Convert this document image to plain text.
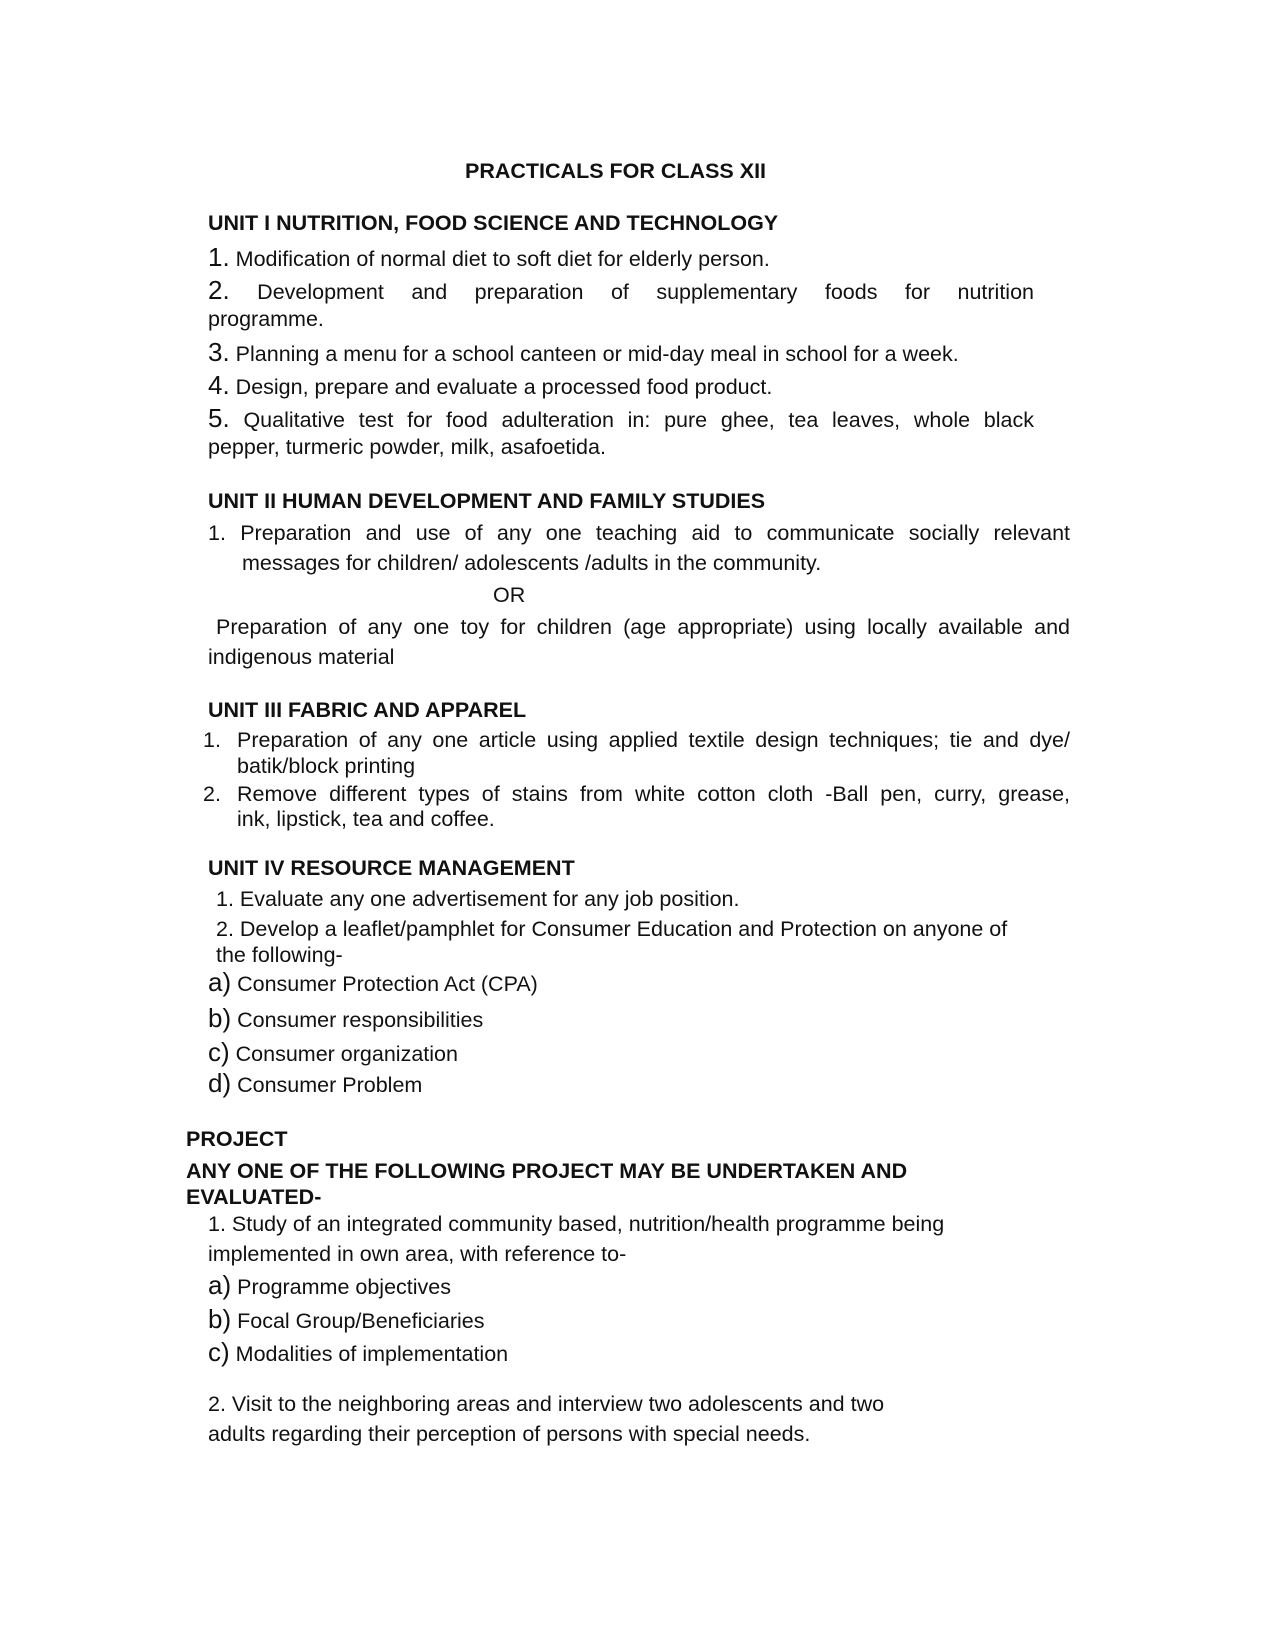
PRACTICALS FOR CLASS XII
UNIT I NUTRITION, FOOD SCIENCE AND TECHNOLOGY
1. Modification of normal diet to soft diet for elderly person.
2. Development and preparation of supplementary foods for nutrition
programme.
3. Planning a menu for a school canteen or mid-day meal in school for a week.
4. Design, prepare and evaluate a processed food product.
5. Qualitative test for food adulteration in: pure ghee, tea leaves, whole black
pepper, turmeric powder, milk, asafoetida.
UNIT II HUMAN DEVELOPMENT AND FAMILY STUDIES
1. Preparation and use of any one teaching aid to communicate socially relevant
messages for children/ adolescents /adults in the community.
OR
Preparation of any one toy for children (age appropriate) using locally available and
indigenous material
UNIT III FABRIC AND APPAREL
1. Preparation of any one article using applied textile design techniques; tie and dye/
batik/block printing
2. Remove different types of stains from white cotton cloth -Ball pen, curry, grease,
ink, lipstick, tea and coffee.
UNIT IV RESOURCE MANAGEMENT
1. Evaluate any one advertisement for any job position.
2. Develop a leaflet/pamphlet for Consumer Education and Protection on anyone of
the following-
a) Consumer Protection Act (CPA)
b) Consumer responsibilities
c) Consumer organization
d) Consumer Problem
PROJECT
ANY ONE OF THE FOLLOWING PROJECT MAY BE UNDERTAKEN AND
EVALUATED-
1. Study of an integrated community based, nutrition/health programme being
implemented in own area, with reference to-
a) Programme objectives
b) Focal Group/Beneficiaries
c) Modalities of implementation
2. Visit to the neighboring areas and interview two adolescents and two
adults regarding their perception of persons with special needs.
